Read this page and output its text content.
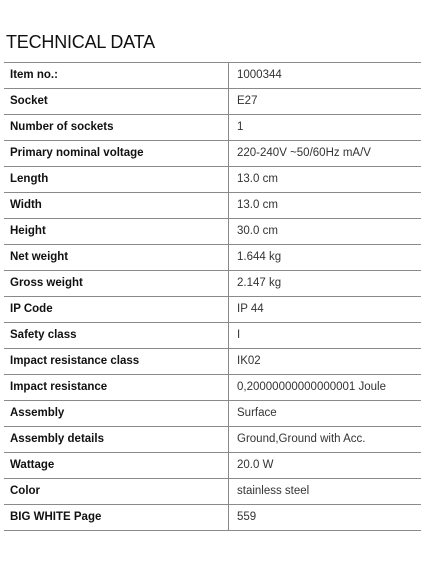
TECHNICAL DATA
Item no.:	1000344
Socket	E27
Number of sockets	1
Primary nominal voltage	220-240V ~50/60Hz mA/V
Length	13.0 cm
Width	13.0 cm
Height	30.0 cm
Net weight	1.644 kg
Gross weight	2.147 kg
IP Code	IP 44
Safety class	I
Impact resistance class	IK02
Impact resistance	0,20000000000000001 Joule
Assembly	Surface
Assembly details	Ground,Ground with Acc.
Wattage	20.0 W
Color	stainless steel
BIG WHITE Page	559
